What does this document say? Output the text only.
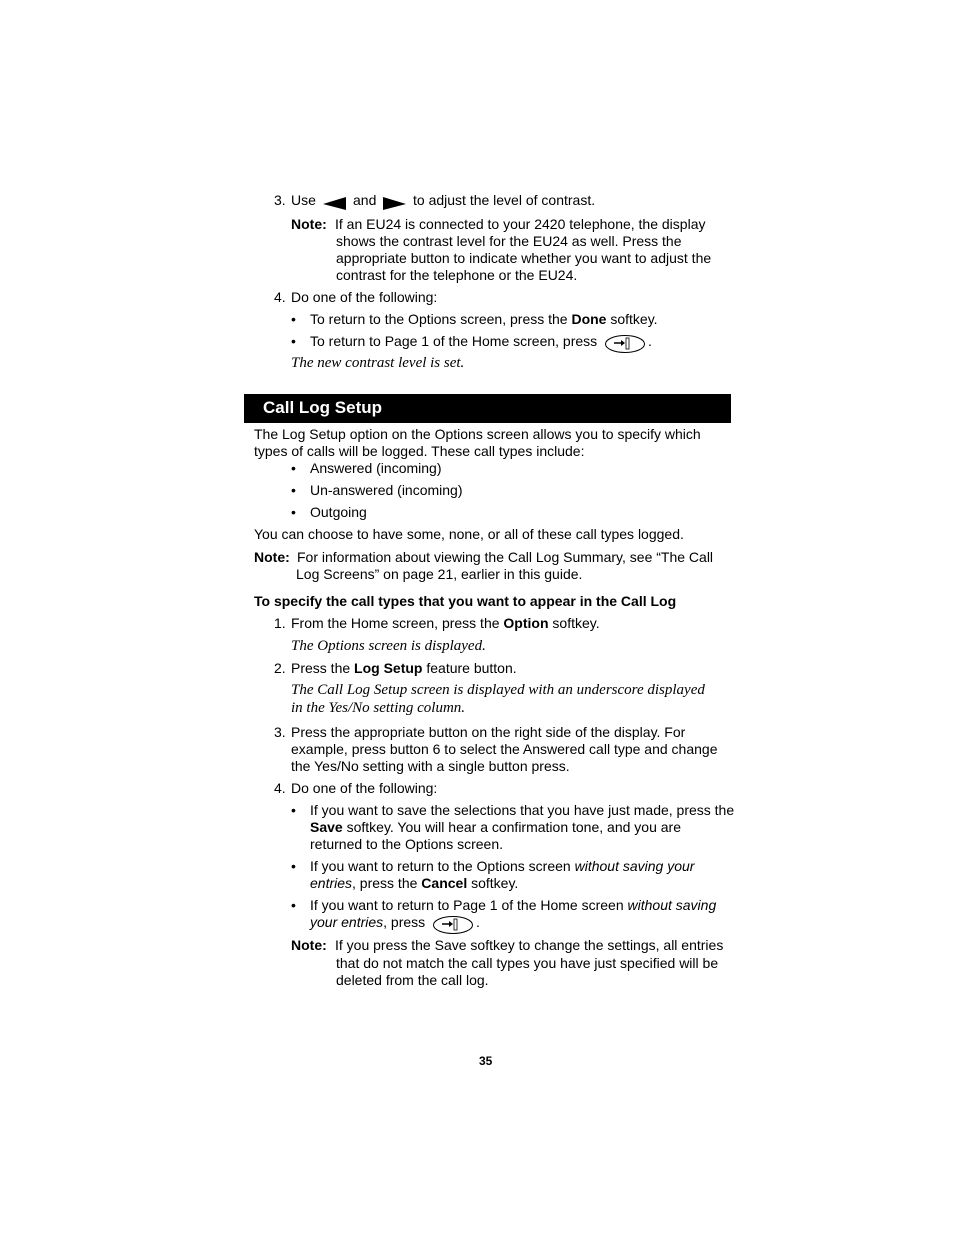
3. Use	and	to adjust the level of contrast.
Note: If an EU24 is connected to your 2420 telephone, the display
shows the contrast level for the EU24 as well. Press the
appropriate button to indicate whether you want to adjust the
contrast for the telephone or the EU24.
4. Do one of the following:
• To return to the Options screen, press the Done softkey.
• To return to Page 1 of the Home screen, press	.
The new contrast level is set.
Call Log Setup
The Log Setup option on the Options screen allows you to specify which
types of calls will be logged. These call types include:
• Answered (incoming)
• Un-answered (incoming)
• Outgoing
You can choose to have some, none, or all of these call types logged.
Note: For information about viewing the Call Log Summary, see “The Call
Log Screens” on page 21, earlier in this guide.
To specify the call types that you want to appear in the Call Log
1. From the Home screen, press the Option softkey.
The Options screen is displayed.
2. Press the Log Setup feature button.
The Call Log Setup screen is displayed with an underscore displayed
in the Yes/No setting column.
3. Press the appropriate button on the right side of the display. For
example, press button 6 to select the Answered call type and change
the Yes/No setting with a single button press.
4. Do one of the following:
• If you want to save the selections that you have just made, press the
Save softkey. You will hear a confirmation tone, and you are
returned to the Options screen.
• If you want to return to the Options screen without saving your
entries, press the Cancel softkey.
• If you want to return to Page 1 of the Home screen without saving
your entries, press	.
Note: If you press the Save softkey to change the settings, all entries
that do not match the call types you have just specified will be
deleted from the call log.
35
